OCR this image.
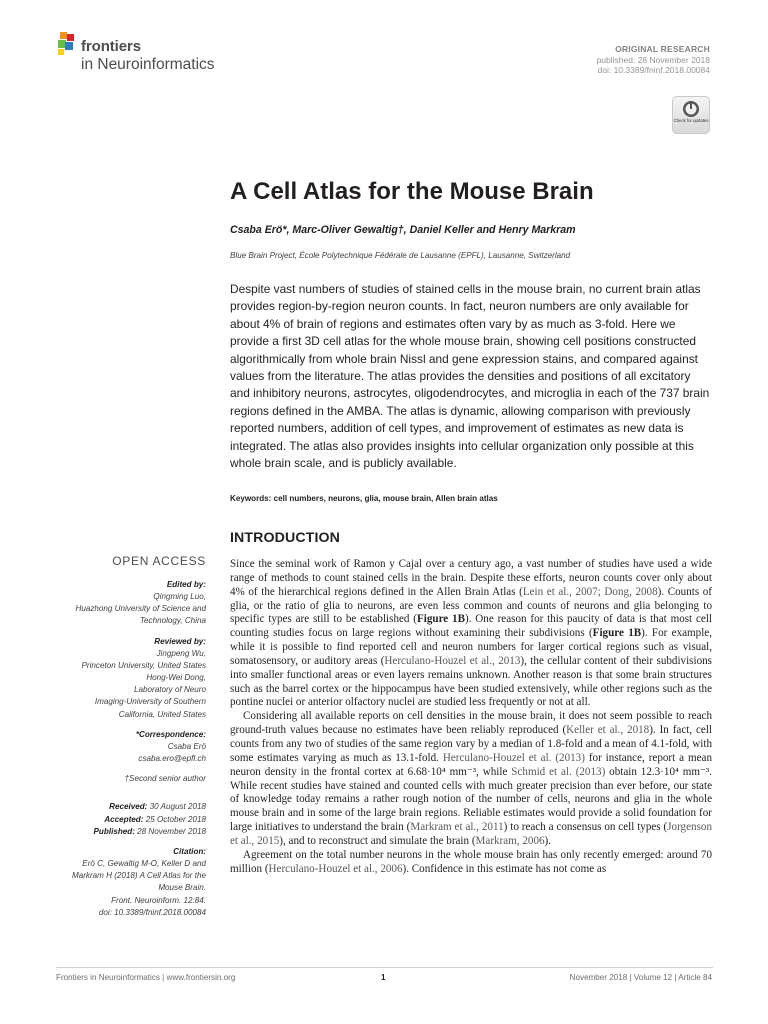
frontiers
in Neuroinformatics
ORIGINAL RESEARCH
published: 28 November 2018
doi: 10.3389/fninf.2018.00084
Check for updates
A Cell Atlas for the Mouse Brain
Csaba Erö*, Marc-Oliver Gewaltig†, Daniel Keller and Henry Markram
Blue Brain Project, École Polytechnique Fédérale de Lausanne (EPFL), Lausanne, Switzerland
Despite vast numbers of studies of stained cells in the mouse brain, no current brain atlas provides region-by-region neuron counts. In fact, neuron numbers are only available for about 4% of brain of regions and estimates often vary by as much as 3-fold. Here we provide a first 3D cell atlas for the whole mouse brain, showing cell positions constructed algorithmically from whole brain Nissl and gene expression stains, and compared against values from the literature. The atlas provides the densities and positions of all excitatory and inhibitory neurons, astrocytes, oligodendrocytes, and microglia in each of the 737 brain regions defined in the AMBA. The atlas is dynamic, allowing comparison with previously reported numbers, addition of cell types, and improvement of estimates as new data is integrated. The atlas also provides insights into cellular organization only possible at this whole brain scale, and is publicly available.
Keywords: cell numbers, neurons, glia, mouse brain, Allen brain atlas
INTRODUCTION

Since the seminal work of Ramon y Cajal over a century ago, a vast number of studies have used a wide range of methods to count stained cells in the brain. Despite these efforts, neuron counts cover only about 4% of the hierarchical regions defined in the Allen Brain Atlas (Lein et al., 2007; Dong, 2008). Counts of glia, or the ratio of glia to neurons, are even less common and counts of neurons and glia belonging to specific types are still to be established (Figure 1B). One reason for this paucity of data is that most cell counting studies focus on large regions without examining their subdivisions (Figure 1B). For example, while it is possible to find reported cell and neuron numbers for larger cortical regions such as visual, somatosensory, or auditory areas (Herculano-Houzel et al., 2013), the cellular content of their subdivisions into smaller functional areas or even layers remains unknown. Another reason is that some brain structures such as the barrel cortex or the hippocampus have been studied extensively, while other regions such as the pontine nuclei or anterior olfactory nuclei are studied less frequently or not at all.

Considering all available reports on cell densities in the mouse brain, it does not seem possible to reach ground-truth values because no estimates have been reliably reproduced (Keller et al., 2018). In fact, cell counts from any two of studies of the same region vary by a median of 1.8-fold and a mean of 4.1-fold, with some estimates varying as much as 13.1-fold. Herculano-Houzel et al. (2013) for instance, report a mean neuron density in the frontal cortex at 6.68·10⁴ mm⁻³, while Schmid et al. (2013) obtain 12.3·10⁴ mm⁻³. While recent studies have stained and counted cells with much greater precision than ever before, our state of knowledge today remains a rather rough notion of the number of cells, neurons and glia in the whole mouse brain and in some of the large brain regions. Reliable estimates would provide a solid foundation for large initiatives to understand the brain (Markram et al., 2011) to reach a consensus on cell types (Jorgenson et al., 2015), and to reconstruct and simulate the brain (Markram, 2006).

Agreement on the total number neurons in the whole mouse brain has only recently emerged: around 70 million (Herculano-Houzel et al., 2006). Confidence in this estimate has not come as

OPEN ACCESS
Edited by:
Qingming Luo,
Huazhong University of Science and
Technology, China
Reviewed by:
Jingpeng Wu,
Princeton University, United States
Hong-Wei Dong,
Laboratory of Neuro
Imaging-University of Southern
California, United States
*Correspondence:
Csaba Erö
csaba.ero@epfl.ch
†Second senior author
Received: 30 August 2018
Accepted: 25 October 2018
Published: 28 November 2018
Citation:
Erö C, Gewaltig M-O, Keller D and
Markram H (2018) A Cell Atlas for the
Mouse Brain.
Front. Neuroinform. 12:84.
doi: 10.3389/fninf.2018.00084
Frontiers in Neuroinformatics | www.frontiersin.org	1	November 2018 | Volume 12 | Article 84
